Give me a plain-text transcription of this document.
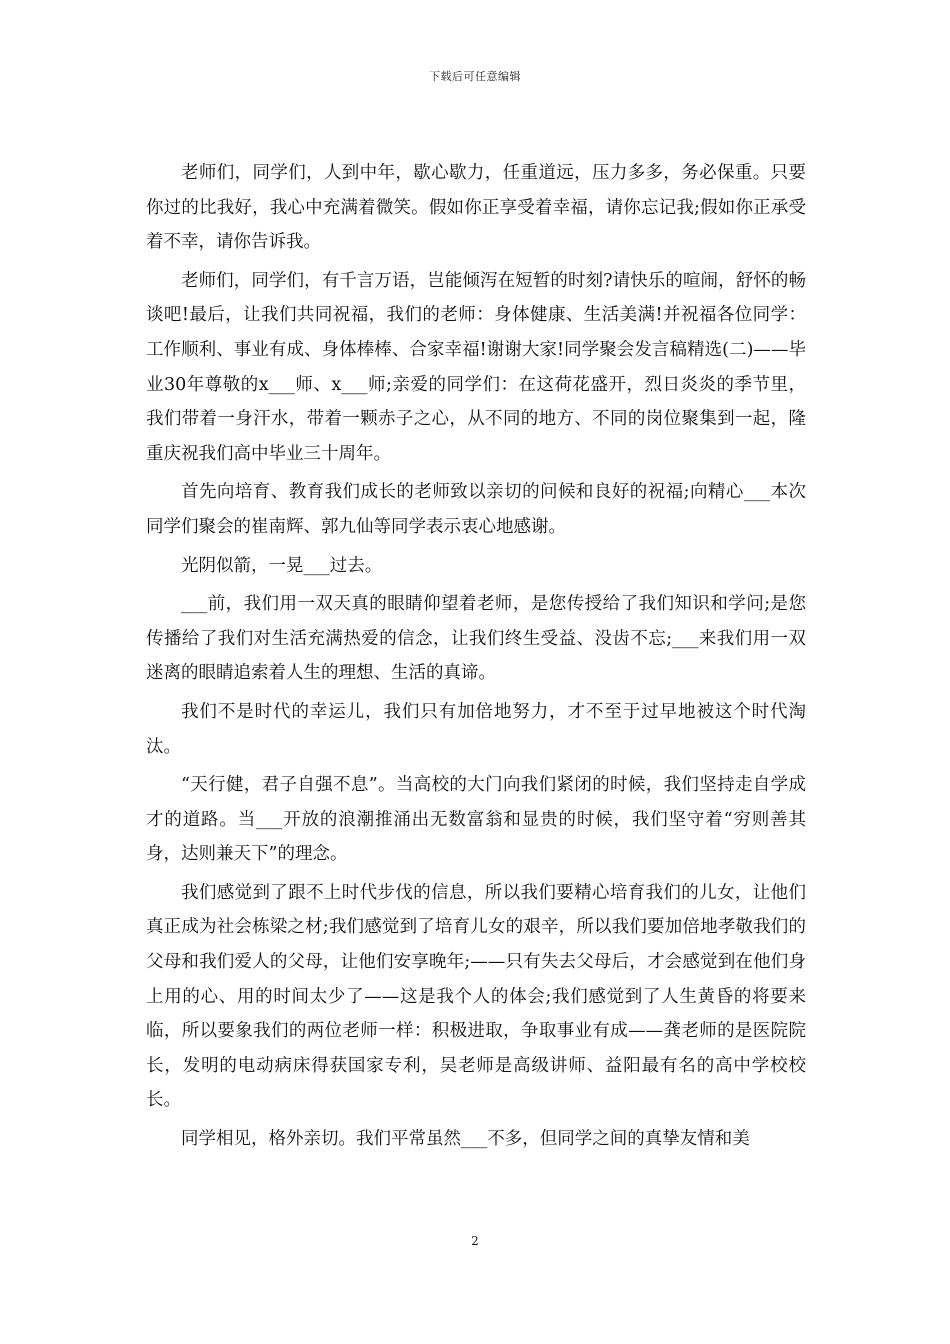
下载后可任意编辑

老师们，同学们，人到中年，歇心歇力，任重道远，压力多多，务必保重。只要你过的比我好，我心中充满着微笑。假如你正享受着幸福，请你忘记我;假如你正承受着不幸，请你告诉我。

老师们，同学们，有千言万语，岂能倾泻在短暂的时刻?请快乐的喧闹，舒怀的畅谈吧!最后，让我们共同祝福，我们的老师：身体健康、生活美满!并祝福各位同学：工作顺利、事业有成、身体棒棒、合家幸福!谢谢大家!同学聚会发言稿精选(二)——毕业30年尊敬的x___师、x___师;亲爱的同学们：在这荷花盛开，烈日炎炎的季节里，我们带着一身汗水，带着一颗赤子之心，从不同的地方、不同的岗位聚集到一起，隆重庆祝我们高中毕业三十周年。

首先向培育、教育我们成长的老师致以亲切的问候和良好的祝福;向精心___本次同学们聚会的崔南辉、郭九仙等同学表示衷心地感谢。

光阴似箭，一晃___过去。

___前，我们用一双天真的眼睛仰望着老师，是您传授给了我们知识和学问;是您传播给了我们对生活充满热爱的信念，让我们终生受益、没齿不忘;___来我们用一双迷离的眼睛追索着人生的理想、生活的真谛。

我们不是时代的幸运儿，我们只有加倍地努力，才不至于过早地被这个时代淘汰。

“天行健，君子自强不息”。当高校的大门向我们紧闭的时候，我们坚持走自学成才的道路。当___开放的浪潮推涌出无数富翁和显贵的时候，我们坚守着“穷则善其身，达则兼天下”的理念。

我们感觉到了跟不上时代步伐的信息，所以我们要精心培育我们的儿女，让他们真正成为社会栋梁之材;我们感觉到了培育儿女的艰辛，所以我们要加倍地孝敬我们的父母和我们爱人的父母，让他们安享晚年;——只有失去父母后，才会感觉到在他们身上用的心、用的时间太少了——这是我个人的体会;我们感觉到了人生黄昏的将要来临，所以要象我们的两位老师一样：积极进取，争取事业有成——龚老师的是医院院长，发明的电动病床得获国家专利，吴老师是高级讲师、益阳最有名的高中学校校长。

同学相见，格外亲切。我们平常虽然___不多，但同学之间的真挚友情和美

2
